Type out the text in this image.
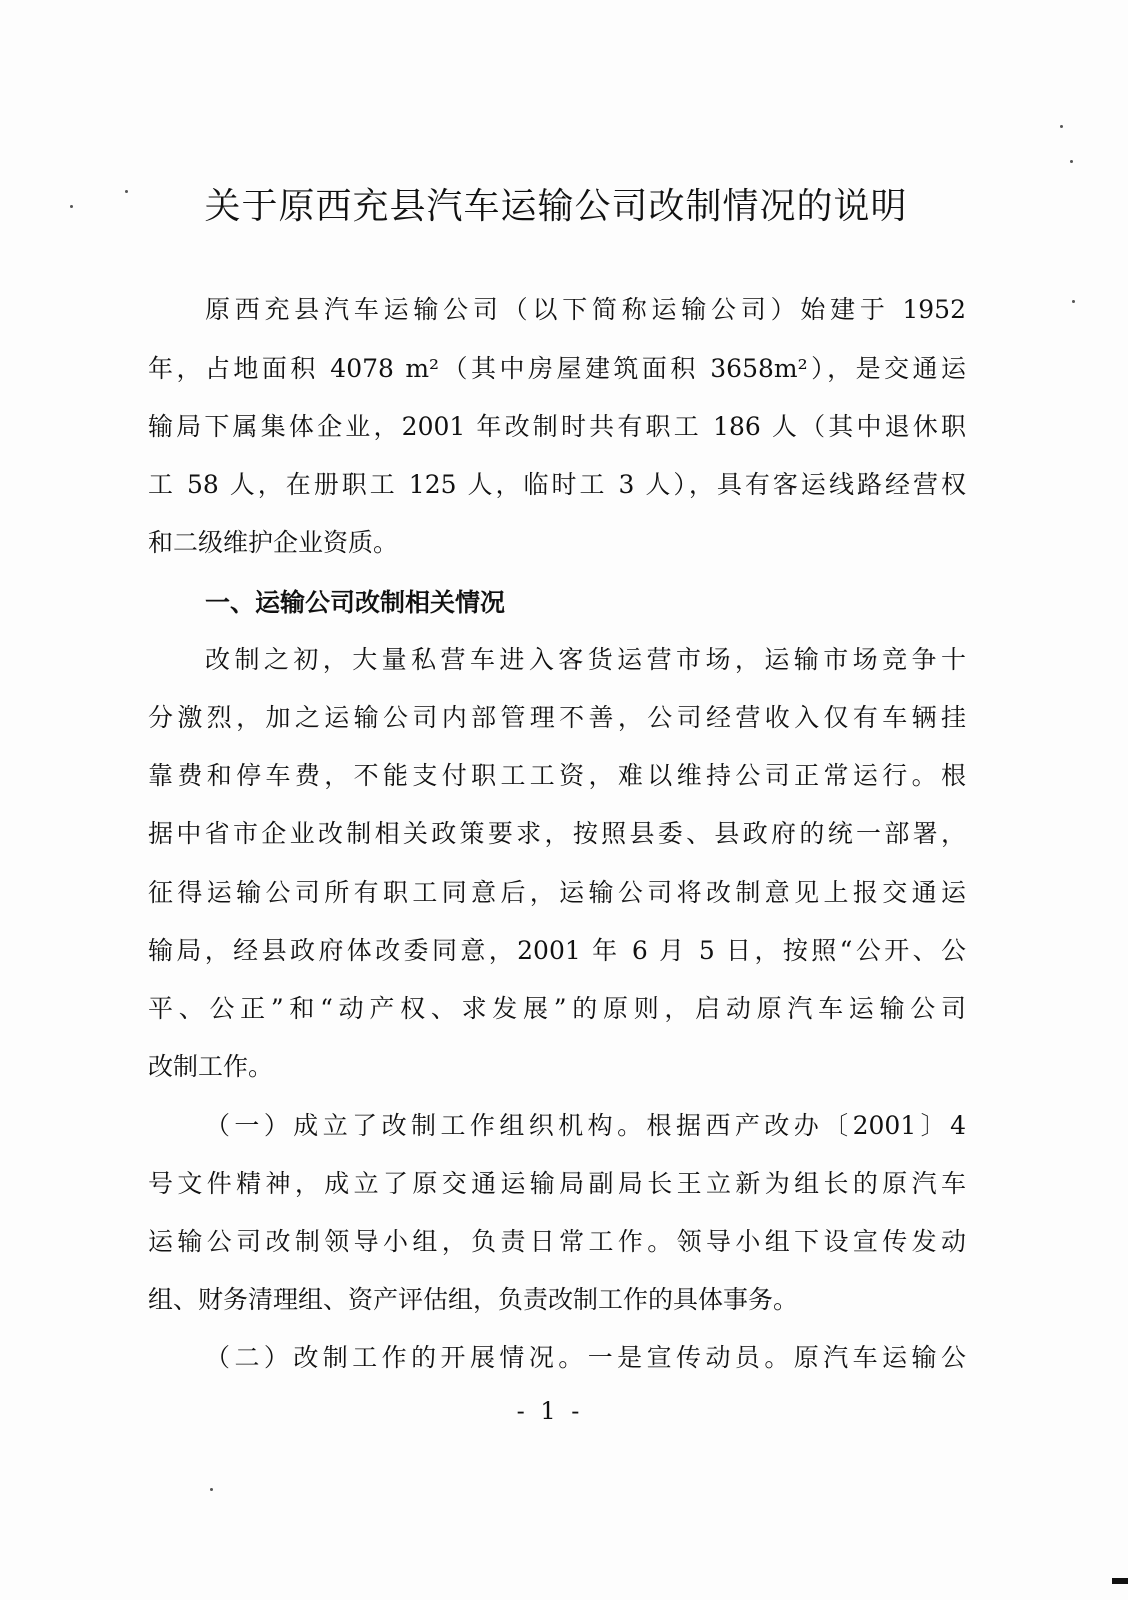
关于原西充县汽车运输公司改制情况的说明
原西充县汽车运输公司（以下简称运输公司）始建于 1952
年，占地面积 4078 m²（其中房屋建筑面积 3658m²），是交通运
输局下属集体企业，2001 年改制时共有职工 186 人（其中退休职
工 58 人，在册职工 125 人，临时工 3 人），具有客运线路经营权
和二级维护企业资质。
一、运输公司改制相关情况
改制之初，大量私营车进入客货运营市场，运输市场竞争十
分激烈，加之运输公司内部管理不善，公司经营收入仅有车辆挂
靠费和停车费，不能支付职工工资，难以维持公司正常运行。根
据中省市企业改制相关政策要求，按照县委、县政府的统一部署，
征得运输公司所有职工同意后，运输公司将改制意见上报交通运
输局，经县政府体改委同意，2001 年 6 月 5 日，按照“公开、公
平、公正”和“动产权、求发展”的原则，启动原汽车运输公司
改制工作。
（一）成立了改制工作组织机构。根据西产改办〔2001〕4
号文件精神，成立了原交通运输局副局长王立新为组长的原汽车
运输公司改制领导小组，负责日常工作。领导小组下设宣传发动
组、财务清理组、资产评估组，负责改制工作的具体事务。
（二）改制工作的开展情况。一是宣传动员。原汽车运输公
- 1 -
